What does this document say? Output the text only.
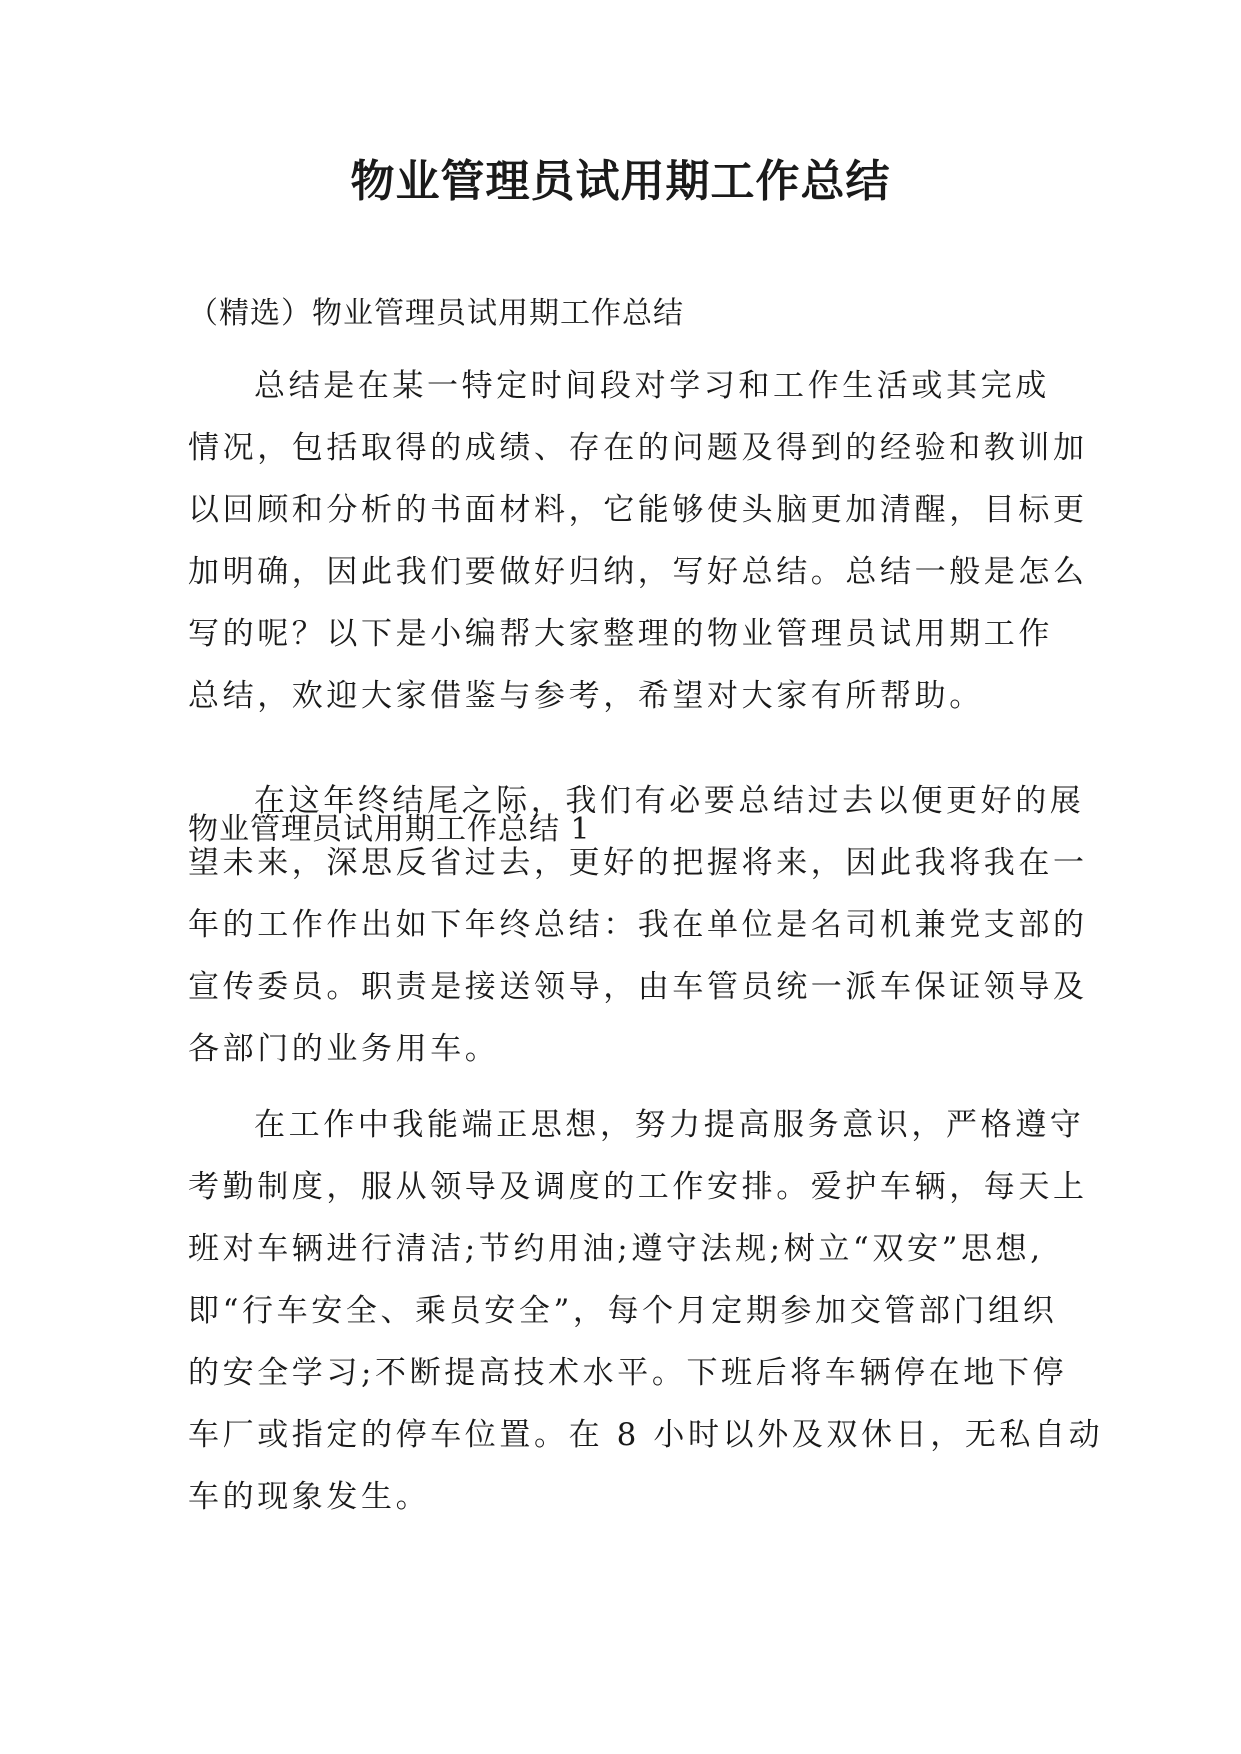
物业管理员试用期工作总结
（精选）物业管理员试用期工作总结
总结是在某一特定时间段对学习和工作生活或其完成
情况，包括取得的成绩、存在的问题及得到的经验和教训加
以回顾和分析的书面材料，它能够使头脑更加清醒，目标更
加明确，因此我们要做好归纳，写好总结。总结一般是怎么
写的呢？以下是小编帮大家整理的物业管理员试用期工作
总结，欢迎大家借鉴与参考，希望对大家有所帮助。
物业管理员试用期工作总结 1
在这年终结尾之际，我们有必要总结过去以便更好的展
望未来，深思反省过去，更好的把握将来，因此我将我在一
年的工作作出如下年终总结：我在单位是名司机兼党支部的
宣传委员。职责是接送领导，由车管员统一派车保证领导及
各部门的业务用车。
在工作中我能端正思想，努力提高服务意识，严格遵守
考勤制度，服从领导及调度的工作安排。爱护车辆，每天上
班对车辆进行清洁;节约用油;遵守法规;树立“双安”思想,
即“行车安全、乘员安全”，每个月定期参加交管部门组织
的安全学习;不断提高技术水平。下班后将车辆停在地下停
车厂或指定的停车位置。在 8 小时以外及双休日，无私自动
车的现象发生。
